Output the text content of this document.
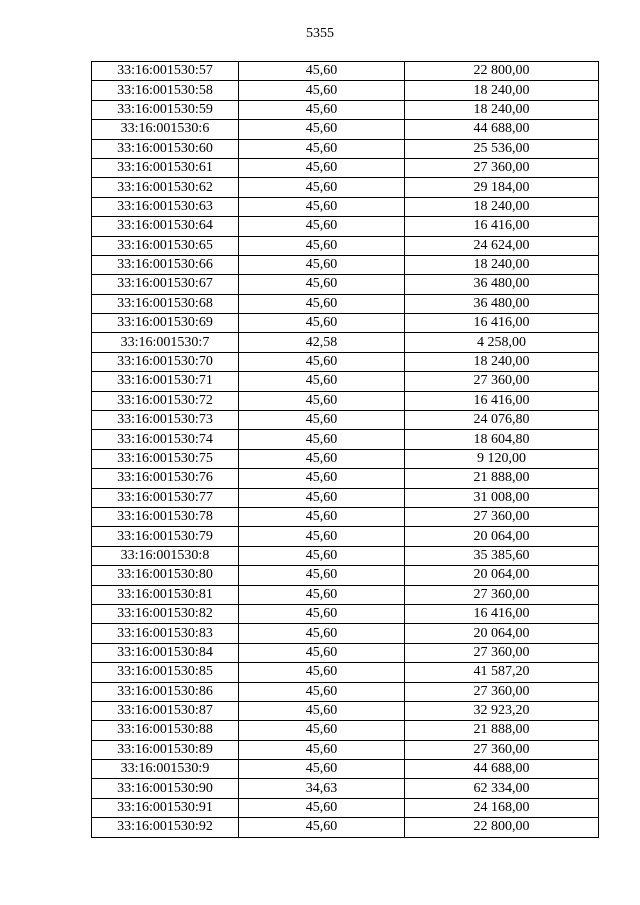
5355
33:16:001530:57	45,60	22 800,00
33:16:001530:58	45,60	18 240,00
33:16:001530:59	45,60	18 240,00
33:16:001530:6	45,60	44 688,00
33:16:001530:60	45,60	25 536,00
33:16:001530:61	45,60	27 360,00
33:16:001530:62	45,60	29 184,00
33:16:001530:63	45,60	18 240,00
33:16:001530:64	45,60	16 416,00
33:16:001530:65	45,60	24 624,00
33:16:001530:66	45,60	18 240,00
33:16:001530:67	45,60	36 480,00
33:16:001530:68	45,60	36 480,00
33:16:001530:69	45,60	16 416,00
33:16:001530:7	42,58	4 258,00
33:16:001530:70	45,60	18 240,00
33:16:001530:71	45,60	27 360,00
33:16:001530:72	45,60	16 416,00
33:16:001530:73	45,60	24 076,80
33:16:001530:74	45,60	18 604,80
33:16:001530:75	45,60	9 120,00
33:16:001530:76	45,60	21 888,00
33:16:001530:77	45,60	31 008,00
33:16:001530:78	45,60	27 360,00
33:16:001530:79	45,60	20 064,00
33:16:001530:8	45,60	35 385,60
33:16:001530:80	45,60	20 064,00
33:16:001530:81	45,60	27 360,00
33:16:001530:82	45,60	16 416,00
33:16:001530:83	45,60	20 064,00
33:16:001530:84	45,60	27 360,00
33:16:001530:85	45,60	41 587,20
33:16:001530:86	45,60	27 360,00
33:16:001530:87	45,60	32 923,20
33:16:001530:88	45,60	21 888,00
33:16:001530:89	45,60	27 360,00
33:16:001530:9	45,60	44 688,00
33:16:001530:90	34,63	62 334,00
33:16:001530:91	45,60	24 168,00
33:16:001530:92	45,60	22 800,00
